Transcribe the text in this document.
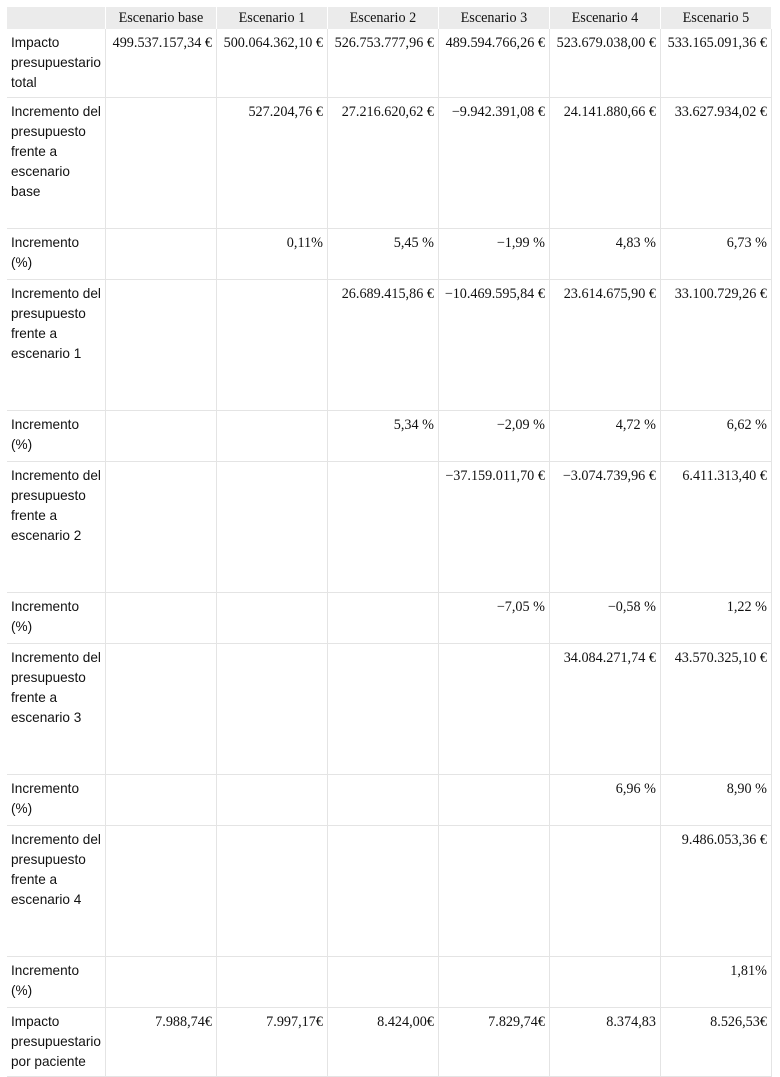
	Escenario base	Escenario 1	Escenario 2	Escenario 3	Escenario 4	Escenario 5
Impacto presupuestario total	499.537.157,34 €	500.064.362,10 €	526.753.777,96 €	489.594.766,26 €	523.679.038,00 €	533.165.091,36 €
Incremento del presupuesto frente a escenario base		527.204,76 €	27.216.620,62 €	−9.942.391,08 €	24.141.880,66 €	33.627.934,02 €
Incremento (%)		0,11%	5,45 %	−1,99 %	4,83 %	6,73 %
Incremento del presupuesto frente a escenario 1			26.689.415,86 €	−10.469.595,84 €	23.614.675,90 €	33.100.729,26 €
Incremento (%)			5,34 %	−2,09 %	4,72 %	6,62 %
Incremento del presupuesto frente a escenario 2				−37.159.011,70 €	−3.074.739,96 €	6.411.313,40 €
Incremento (%)				−7,05 %	−0,58 %	1,22 %
Incremento del presupuesto frente a escenario 3					34.084.271,74 €	43.570.325,10 €
Incremento (%)					6,96 %	8,90 %
Incremento del presupuesto frente a escenario 4						9.486.053,36 €
Incremento (%)						1,81%
Impacto presupuestario por paciente	7.988,74€	7.997,17€	8.424,00€	7.829,74€	8.374,83	8.526,53€
